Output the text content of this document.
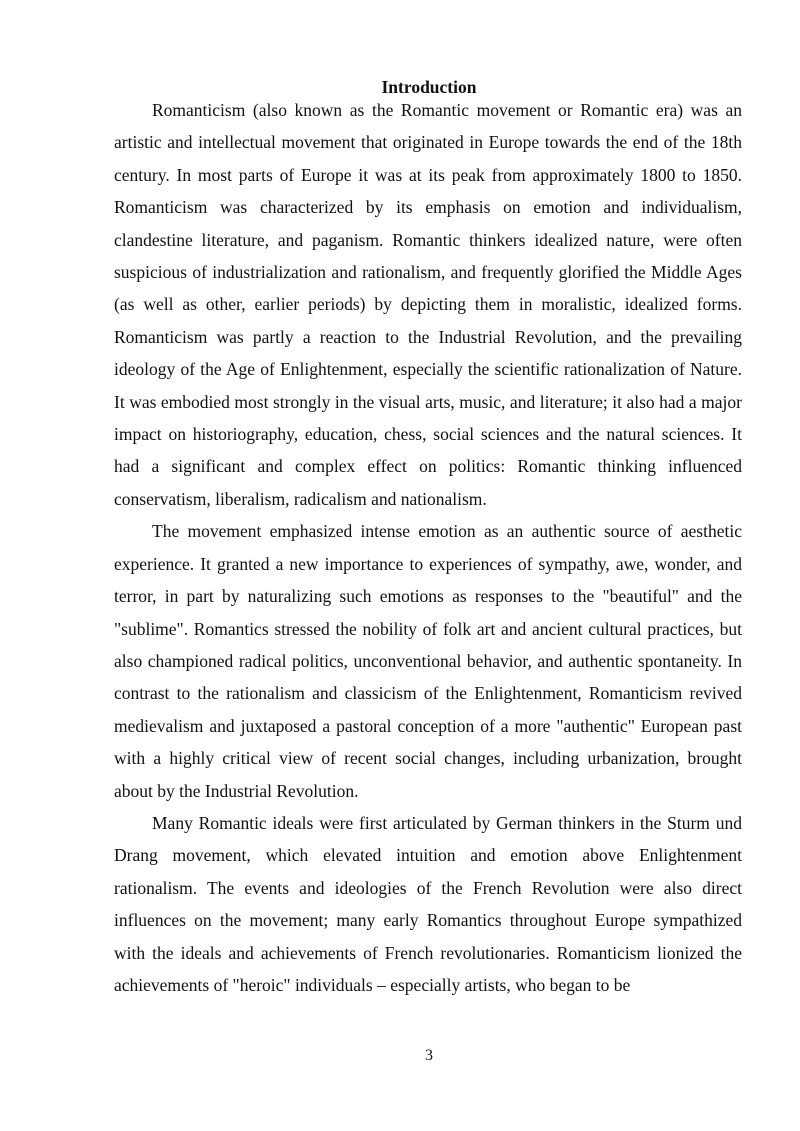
Introduction

Romanticism (also known as the Romantic movement or Romantic era) was an artistic and intellectual movement that originated in Europe towards the end of the 18th century. In most parts of Europe it was at its peak from approximately 1800 to 1850. Romanticism was characterized by its emphasis on emotion and individualism, clandestine literature, and paganism. Romantic thinkers idealized nature, were often suspicious of industrialization and rationalism, and frequently glorified the Middle Ages (as well as other, earlier periods) by depicting them in moralistic, idealized forms. Romanticism was partly a reaction to the Industrial Revolution, and the prevailing ideology of the Age of Enlightenment, especially the scientific rationalization of Nature. It was embodied most strongly in the visual arts, music, and literature; it also had a major impact on historiography, education, chess, social sciences and the natural sciences. It had a significant and complex effect on politics: Romantic thinking influenced conservatism, liberalism, radicalism and nationalism.

The movement emphasized intense emotion as an authentic source of aesthetic experience. It granted a new importance to experiences of sympathy, awe, wonder, and terror, in part by naturalizing such emotions as responses to the "beautiful" and the "sublime". Romantics stressed the nobility of folk art and ancient cultural practices, but also championed radical politics, unconventional behavior, and authentic spontaneity. In contrast to the rationalism and classicism of the Enlightenment, Romanticism revived medievalism and juxtaposed a pastoral conception of a more "authentic" European past with a highly critical view of recent social changes, including urbanization, brought about by the Industrial Revolution.

Many Romantic ideals were first articulated by German thinkers in the Sturm und Drang movement, which elevated intuition and emotion above Enlightenment rationalism. The events and ideologies of the French Revolution were also direct influences on the movement; many early Romantics throughout Europe sympathized with the ideals and achievements of French revolutionaries. Romanticism lionized the achievements of "heroic" individuals – especially artists, who began to be

3
